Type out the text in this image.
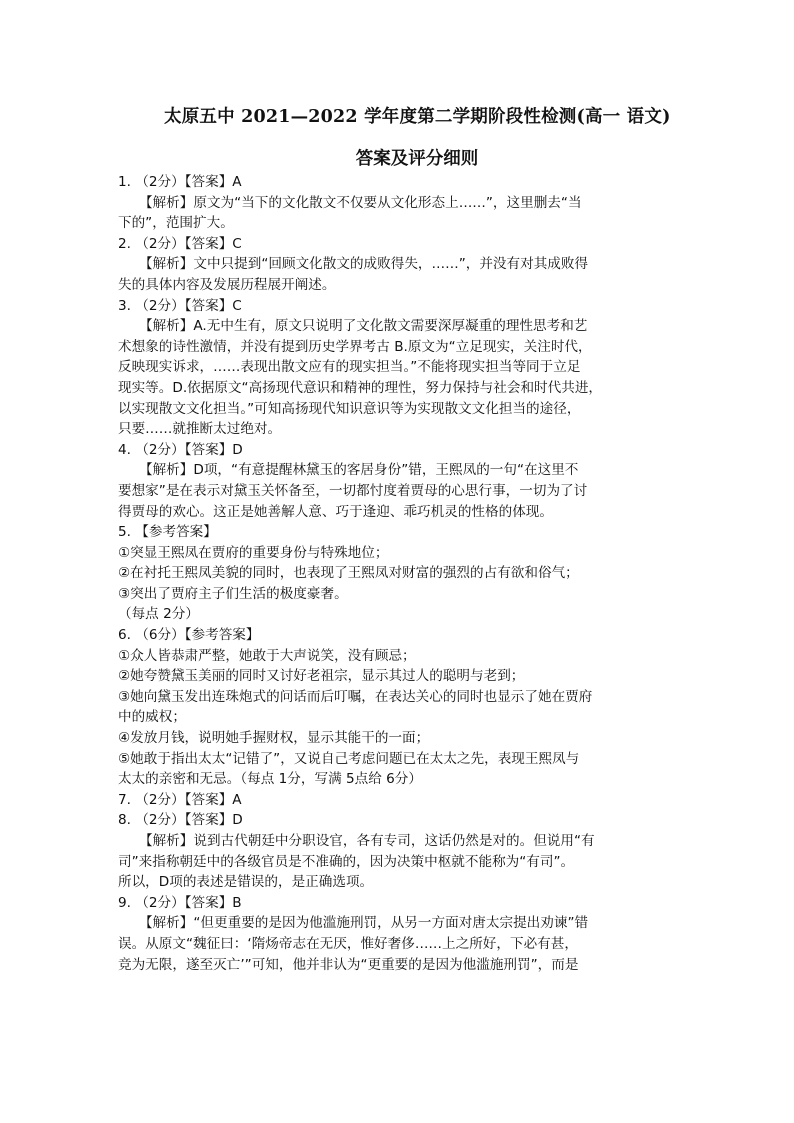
太原五中 2021—2022 学年度第二学期阶段性检测(高一 语文)
答案及评分细则
1. （2分）【答案】A
【解析】原文为“当下的文化散文不仅要从文化形态上……”，这里删去“当
下的”，范围扩大。
2. （2分）【答案】C
【解析】文中只提到“回顾文化散文的成败得失，……”，并没有对其成败得
失的具体内容及发展历程展开阐述。
3. （2分）【答案】C
【解析】A.无中生有，原文只说明了文化散文需要深厚凝重的理性思考和艺
术想象的诗性激情，并没有提到历史学界考古 B.原文为“立足现实，关注时代，
反映现实诉求，……表现出散文应有的现实担当。”不能将现实担当等同于立足
现实等。D.依据原文“高扬现代意识和精神的理性，努力保持与社会和时代共进，
以实现散文文化担当。”可知高扬现代知识意识等为实现散文文化担当的途径，
只要……就推断太过绝对。
4. （2分）【答案】D
【解析】D项，“有意提醒林黛玉的客居身份”错，王熙凤的一句“在这里不
要想家”是在表示对黛玉关怀备至，一切都忖度着贾母的心思行事，一切为了讨
得贾母的欢心。这正是她善解人意、巧于逢迎、乖巧机灵的性格的体现。
5. 【参考答案】
①突显王熙凤在贾府的重要身份与特殊地位；
②在衬托王熙凤美貌的同时，也表现了王熙凤对财富的强烈的占有欲和俗气；
③突出了贾府主子们生活的极度豪奢。
（每点 2分）
6. （6分）【参考答案】
①众人皆恭肃严整，她敢于大声说笑，没有顾忌；
②她夸赞黛玉美丽的同时又讨好老祖宗，显示其过人的聪明与老到；
③她向黛玉发出连珠炮式的问话而后叮嘱，在表达关心的同时也显示了她在贾府
中的威权；
④发放月钱，说明她手握财权，显示其能干的一面；
⑤她敢于指出太太“记错了”，又说自己考虑问题已在太太之先，表现王熙凤与
太太的亲密和无忌。（每点 1分，写满 5点给 6分）
7. （2分）【答案】A
8. （2分）【答案】D
【解析】说到古代朝廷中分职设官，各有专司，这话仍然是对的。但说用“有
司”来指称朝廷中的各级官员是不准确的，因为决策中枢就不能称为“有司”。
所以，D项的表述是错误的，是正确选项。
9. （2分）【答案】B
【解析】“但更重要的是因为他滥施刑罚，从另一方面对唐太宗提出劝谏”错
误。从原文“魏征曰：‘隋炀帝志在无厌，惟好奢侈……上之所好，下必有甚，
竞为无限，遂至灭亡’”可知，他并非认为“更重要的是因为他滥施刑罚”，而是
